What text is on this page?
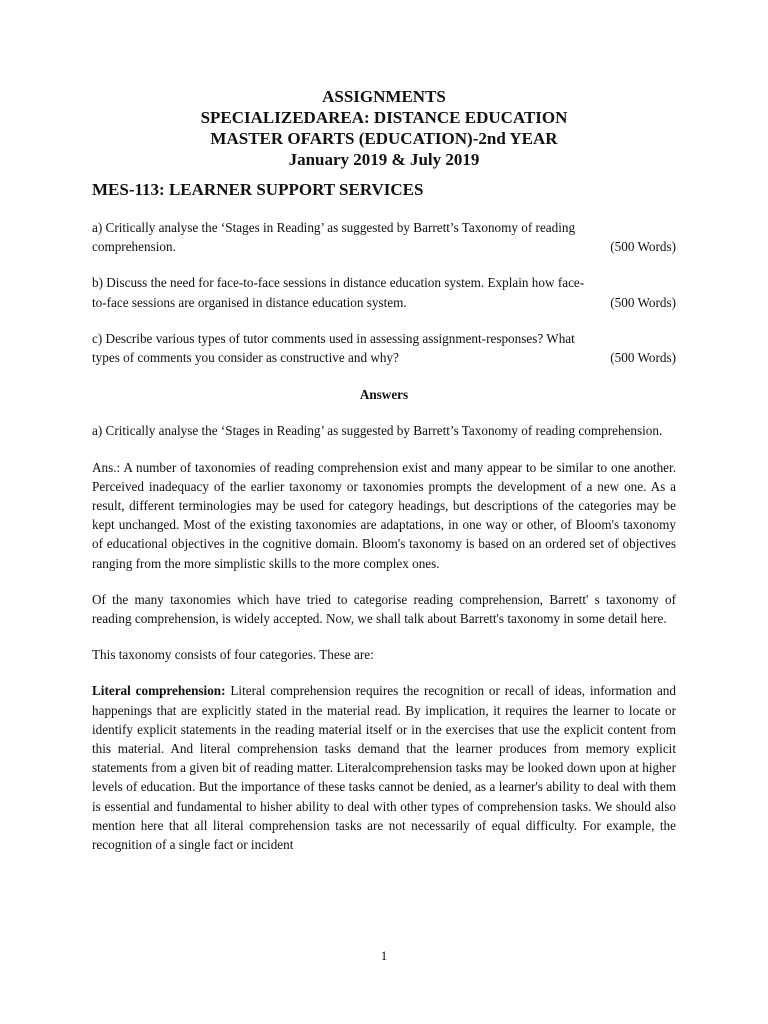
ASSIGNMENTS
SPECIALIZEDAREA: DISTANCE EDUCATION
MASTER OFARTS (EDUCATION)-2nd YEAR
January 2019 & July 2019
MES-113: LEARNER SUPPORT SERVICES
a) Critically analyse the ‘Stages in Reading’ as suggested by Barrett’s Taxonomy of reading
comprehension.	(500 Words)
b) Discuss the need for face-to-face sessions in distance education system. Explain how face-
to-face sessions are organised in distance education system.	(500 Words)
c) Describe various types of tutor comments used in assessing assignment-responses? What
types of comments you consider as constructive and why?	(500 Words)
Answers
a) Critically analyse the ‘Stages in Reading’ as suggested by Barrett’s Taxonomy of reading comprehension.
Ans.: A number of taxonomies of reading comprehension exist and many appear to be similar to one another. Perceived inadequacy of the earlier taxonomy or taxonomies prompts the development of a new one. As a result, different terminologies may be used for category headings, but descriptions of the categories may be kept unchanged. Most of the existing taxonomies are adaptations, in one way or other, of Bloom's taxonomy of educational objectives in the cognitive domain. Bloom's taxonomy is based on an ordered set of objectives ranging from the more simplistic skills to the more complex ones.
Of the many taxonomies which have tried to categorise reading comprehension, Barrett' s taxonomy of reading comprehension, is widely accepted. Now, we shall talk about Barrett's taxonomy in some detail here.
This taxonomy consists of four categories. These are:
Literal comprehension: Literal comprehension requires the recognition or recall of ideas, information and happenings that are explicitly stated in the material read. By implication, it requires the learner to locate or identify explicit statements in the reading material itself or in the exercises that use the explicit content from this material. And literal comprehension tasks demand that the learner produces from memory explicit statements from a given bit of reading matter. Literalcomprehension tasks may be looked down upon at higher levels of education. But the importance of these tasks cannot be denied, as a learner's ability to deal with them is essential and fundamental to hisher ability to deal with other types of comprehension tasks. We should also mention here that all literal comprehension tasks are not necessarily of equal difficulty. For example, the recognition of a single fact or incident
1
